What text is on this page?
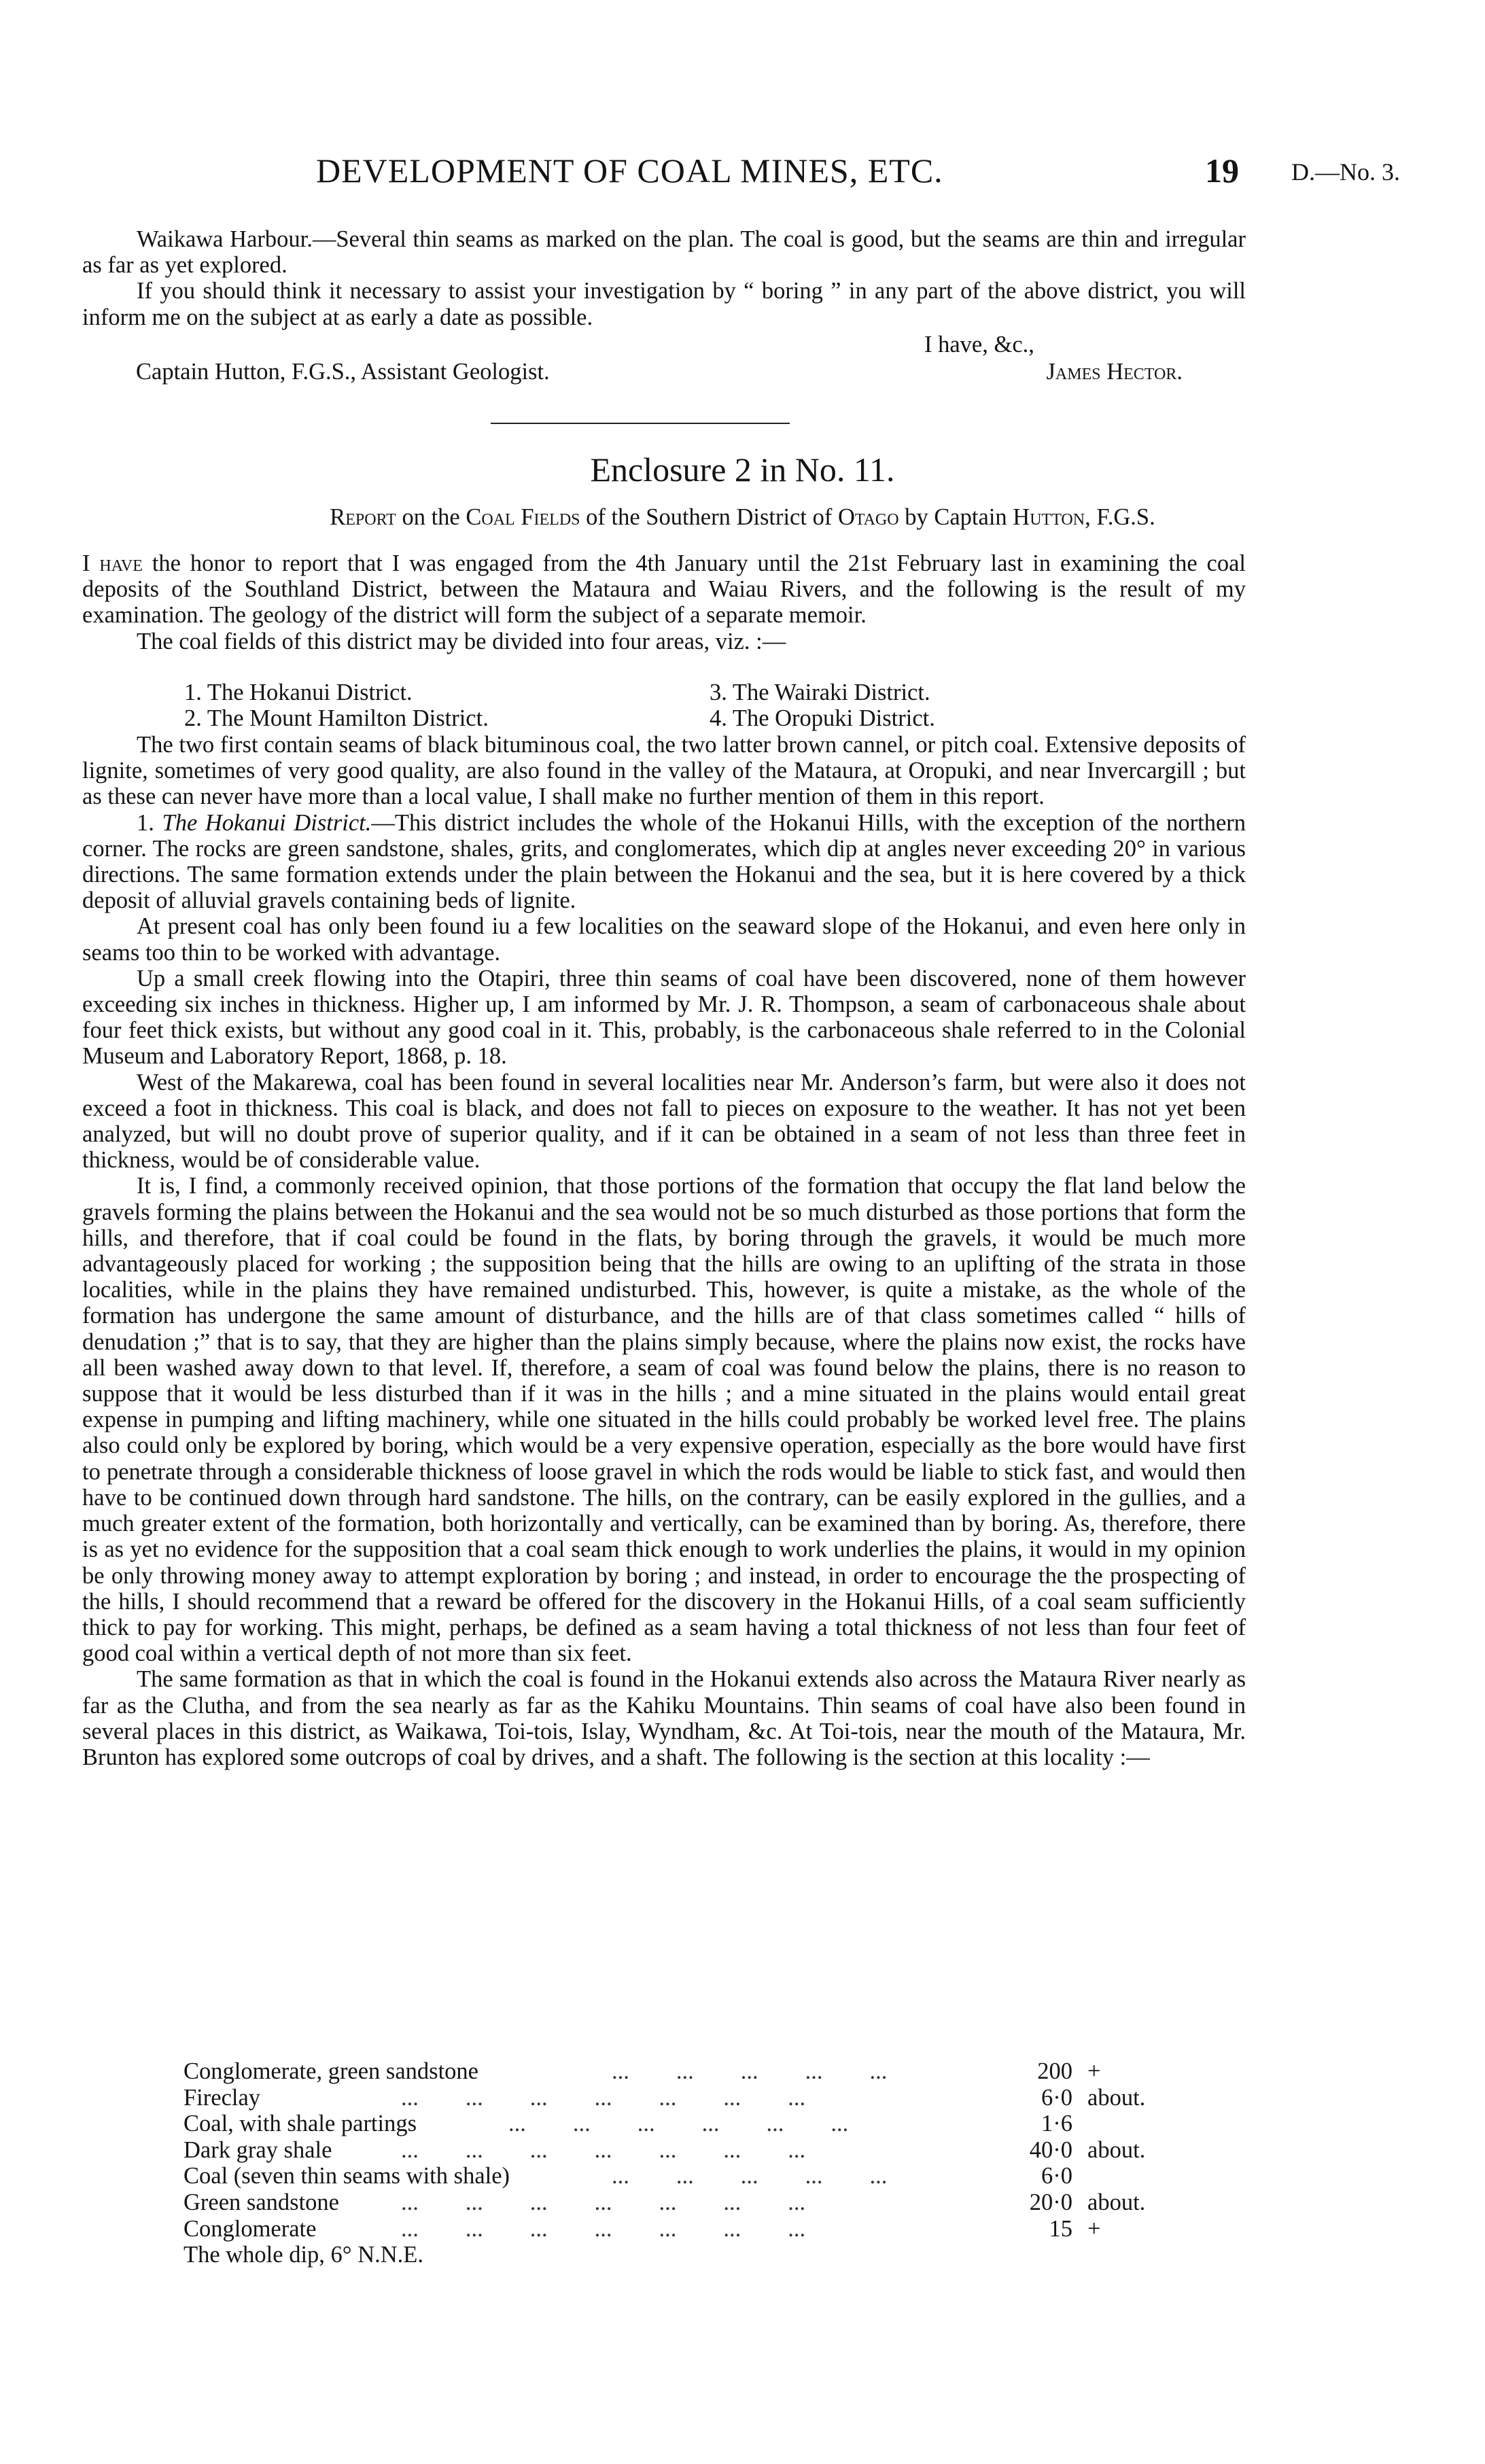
DEVELOPMENT OF COAL MINES, ETC.	19 D.—No. 3.

Waikawa Harbour.—Several thin seams as marked on the plan. The coal is good, but the seams are thin and irregular as far as yet explored.

If you should think it necessary to assist your investigation by “ boring ” in any part of the above district, you will inform me on the subject at as early a date as possible.

I have, &c.,
Captain Hutton, F.G.S., Assistant Geologist.	James Hector.
Enclosure 2 in No. 11.
Report on the Coal Fields of the Southern District of Otago by Captain Hutton, F.G.S.

I have the honor to report that I was engaged from the 4th January until the 21st February last in examining the coal deposits of the Southland District, between the Mataura and Waiau Rivers, and the following is the result of my examination. The geology of the district will form the subject of a separate memoir.

The coal fields of this district may be divided into four areas, viz. :—

1. The Hokanui District.	3. The Wairaki District.
2. The Mount Hamilton District.	4. The Oropuki District.

The two first contain seams of black bituminous coal, the two latter brown cannel, or pitch coal. Extensive deposits of lignite, sometimes of very good quality, are also found in the valley of the Mataura, at Oropuki, and near Invercargill ; but as these can never have more than a local value, I shall make no further mention of them in this report.

1. The Hokanui District.—This district includes the whole of the Hokanui Hills, with the exception of the northern corner. The rocks are green sandstone, shales, grits, and conglomerates, which dip at angles never exceeding 20° in various directions. The same formation extends under the plain between the Hokanui and the sea, but it is here covered by a thick deposit of alluvial gravels containing beds of lignite.

At present coal has only been found iu a few localities on the seaward slope of the Hokanui, and even here only in seams too thin to be worked with advantage.

Up a small creek flowing into the Otapiri, three thin seams of coal have been discovered, none of them however exceeding six inches in thickness. Higher up, I am informed by Mr. J. R. Thompson, a seam of carbonaceous shale about four feet thick exists, but without any good coal in it. This, probably, is the carbonaceous shale referred to in the Colonial Museum and Laboratory Report, 1868, p. 18.

West of the Makarewa, coal has been found in several localities near Mr. Anderson’s farm, but were also it does not exceed a foot in thickness. This coal is black, and does not fall to pieces on exposure to the weather. It has not yet been analyzed, but will no doubt prove of superior quality, and if it can be obtained in a seam of not less than three feet in thickness, would be of considerable value.

It is, I find, a commonly received opinion, that those portions of the formation that occupy the flat land below the gravels forming the plains between the Hokanui and the sea would not be so much disturbed as those portions that form the hills, and therefore, that if coal could be found in the flats, by boring through the gravels, it would be much more advantageously placed for working ; the supposition being that the hills are owing to an uplifting of the strata in those localities, while in the plains they have remained undisturbed. This, however, is quite a mistake, as the whole of the formation has undergone the same amount of disturbance, and the hills are of that class sometimes called “ hills of denudation ;” that is to say, that they are higher than the plains simply because, where the plains now exist, the rocks have all been washed away down to that level. If, therefore, a seam of coal was found below the plains, there is no reason to suppose that it would be less disturbed than if it was in the hills ; and a mine situated in the plains would entail great expense in pumping and lifting machinery, while one situated in the hills could probably be worked level free. The plains also could only be explored by boring, which would be a very expensive operation, especially as the bore would have first to penetrate through a considerable thickness of loose gravel in which the rods would be liable to stick fast, and would then have to be continued down through hard sandstone. The hills, on the contrary, can be easily explored in the gullies, and a much greater extent of the formation, both horizontally and vertically, can be examined than by boring. As, therefore, there is as yet no evidence for the supposition that a coal seam thick enough to work underlies the plains, it would in my opinion be only throwing money away to attempt exploration by boring ; and instead, in order to encourage the the prospecting of the hills, I should recommend that a reward be offered for the discovery in the Hokanui Hills, of a coal seam sufficiently thick to pay for working. This might, perhaps, be defined as a seam having a total thickness of not less than four feet of good coal within a vertical depth of not more than six feet.

The same formation as that in which the coal is found in the Hokanui extends also across the Mataura River nearly as far as the Clutha, and from the sea nearly as far as the Kahiku Mountains. Thin seams of coal have also been found in several places in this district, as Waikawa, Toi-tois, Islay, Wyndham, &c. At Toi-tois, near the mouth of the Mataura, Mr. Brunton has explored some outcrops of coal by drives, and a shaft. The following is the section at this locality :—

...        ...        ...        ...        ...
Conglomerate, green sandstone	200 +
...        ...        ...        ...        ...        ...        ...
Fireclay	6·0 about.
...        ...        ...        ...        ...        ...
Coal, with shale partings	1·6
...        ...        ...        ...        ...        ...        ...
Dark gray shale	40·0 about.
...        ...        ...        ...        ...
Coal (seven thin seams with shale)	6·0
...        ...        ...        ...        ...        ...        ...
Green sandstone	20·0 about.
...        ...        ...        ...        ...        ...        ...
Conglomerate	15 +
The whole dip, 6° N.N.E.
